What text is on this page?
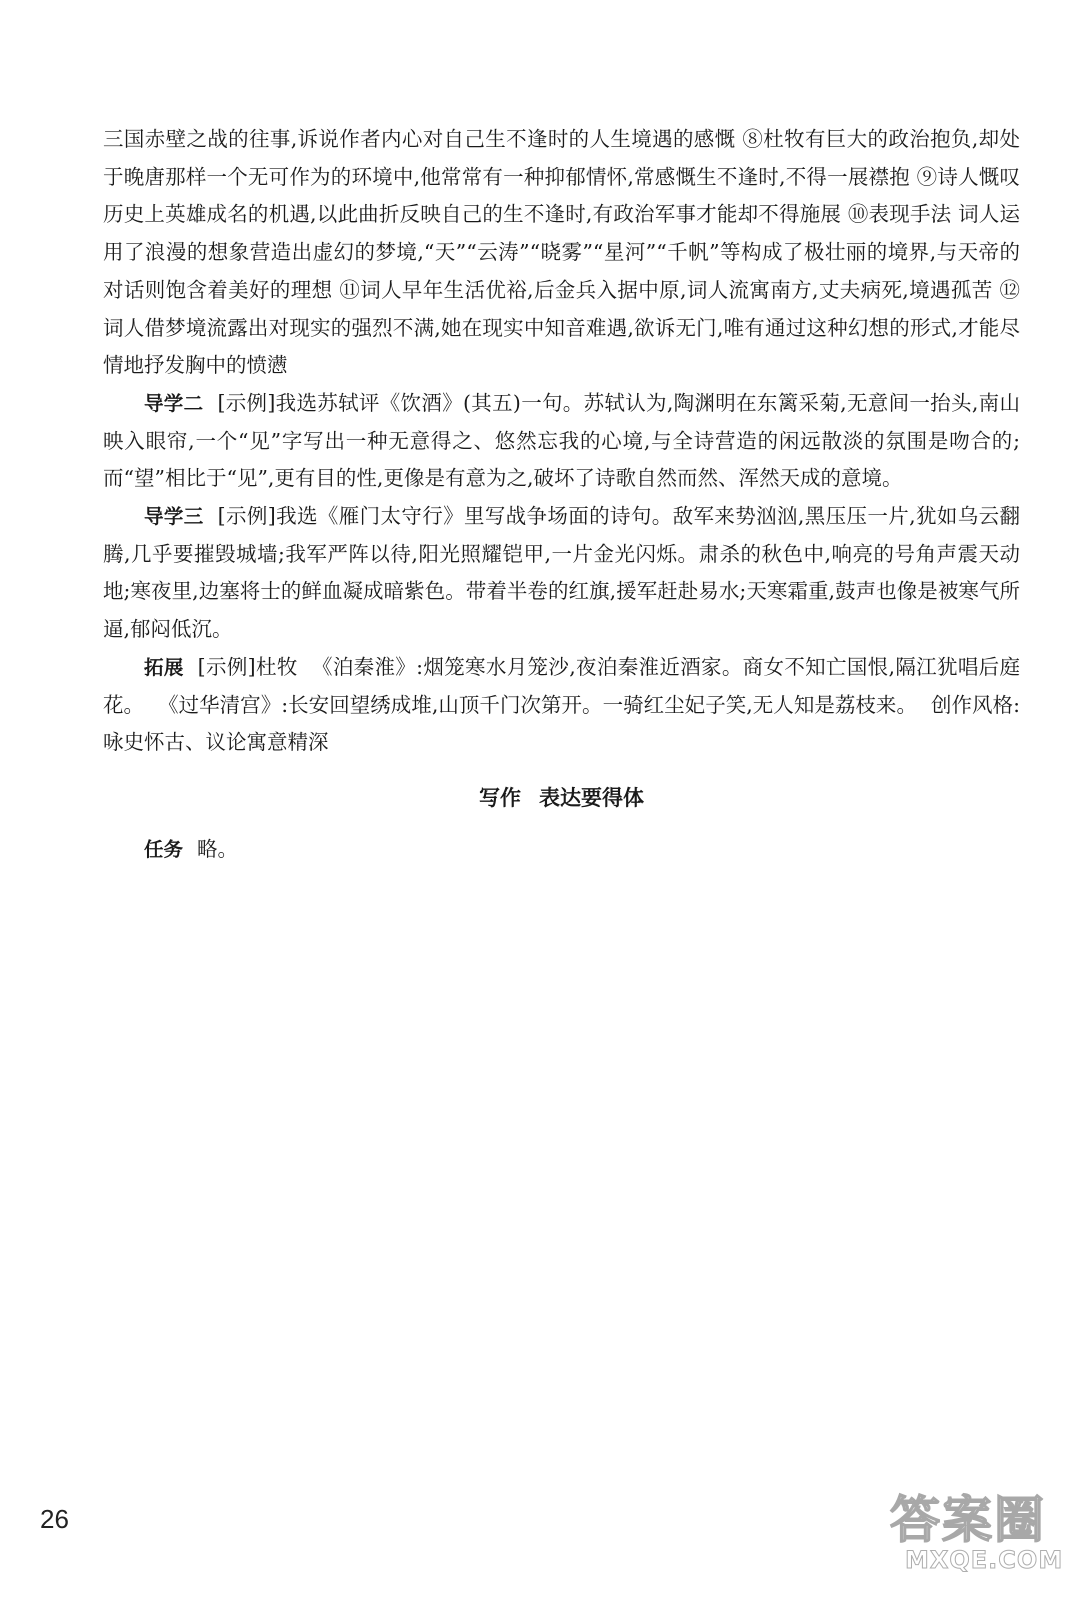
三国赤壁之战的往事,诉说作者内心对自己生不逢时的人生境遇的感慨 ⑧杜牧有巨大的政治抱负,却处于晚唐那样一个无可作为的环境中,他常常有一种抑郁情怀,常感慨生不逢时,不得一展襟抱 ⑨诗人慨叹历史上英雄成名的机遇,以此曲折反映自己的生不逢时,有政治军事才能却不得施展 ⑩表现手法 词人运用了浪漫的想象营造出虚幻的梦境,“天”“云涛”“晓雾”“星河”“千帆”等构成了极壮丽的境界,与天帝的对话则饱含着美好的理想 ⑪词人早年生活优裕,后金兵入据中原,词人流寓南方,丈夫病死,境遇孤苦 ⑫词人借梦境流露出对现实的强烈不满,她在现实中知音难遇,欲诉无门,唯有通过这种幻想的形式,才能尽情地抒发胸中的愤懑

导学二 [示例]我选苏轼评《饮酒》(其五)一句。苏轼认为,陶渊明在东篱采菊,无意间一抬头,南山映入眼帘,一个“见”字写出一种无意得之、悠然忘我的心境,与全诗营造的闲远散淡的氛围是吻合的;而“望”相比于“见”,更有目的性,更像是有意为之,破坏了诗歌自然而然、浑然天成的意境。

导学三 [示例]我选《雁门太守行》里写战争场面的诗句。敌军来势汹汹,黑压压一片,犹如乌云翻腾,几乎要摧毁城墙;我军严阵以待,阳光照耀铠甲,一片金光闪烁。肃杀的秋色中,响亮的号角声震天动地;寒夜里,边塞将士的鲜血凝成暗紫色。带着半卷的红旗,援军赶赴易水;天寒霜重,鼓声也像是被寒气所逼,郁闷低沉。

拓展 [示例]杜牧 《泊秦淮》:烟笼寒水月笼沙,夜泊秦淮近酒家。商女不知亡国恨,隔江犹唱后庭花。 《过华清宫》:长安回望绣成堆,山顶千门次第开。一骑红尘妃子笑,无人知是荔枝来。 创作风格:咏史怀古、议论寓意精深

写作 表达要得体

任务 略。

26	答案圈
MXQE.COM
